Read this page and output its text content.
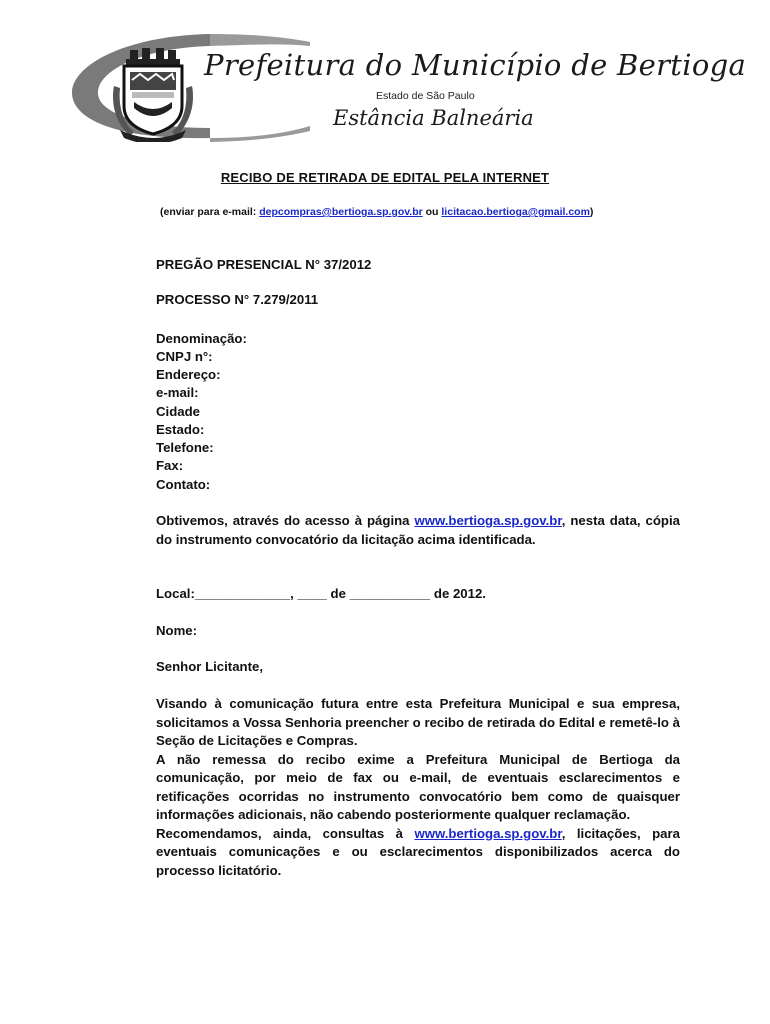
Prefeitura do Município de Bertioga
Estado de São Paulo
Estância Balneária
RECIBO DE RETIRADA DE EDITAL PELA INTERNET
(enviar para e-mail: depcompras@bertioga.sp.gov.br ou licitacao.bertioga@gmail.com)
PREGÃO PRESENCIAL N° 37/2012
PROCESSO N° 7.279/2011
Denominação:
CNPJ n°:
Endereço:
e-mail:
Cidade
Estado:
Telefone:
Fax:
Contato:
Obtivemos, através do acesso à página www.bertioga.sp.gov.br, nesta data, cópia do instrumento convocatório da licitação acima identificada.
Local:_____________, ____ de ___________ de 2012.
Nome:
Senhor Licitante,
Visando à comunicação futura entre esta Prefeitura Municipal e sua empresa, solicitamos a Vossa Senhoria preencher o recibo de retirada do Edital e remetê-lo à Seção de Licitações e Compras.
A não remessa do recibo exime a Prefeitura Municipal de Bertioga da comunicação, por meio de fax ou e-mail, de eventuais esclarecimentos e retificações ocorridas no instrumento convocatório bem como de quaisquer informações adicionais, não cabendo posteriormente qualquer reclamação.
Recomendamos, ainda, consultas à www.bertioga.sp.gov.br, licitações, para eventuais comunicações e ou esclarecimentos disponibilizados acerca do processo licitatório.
